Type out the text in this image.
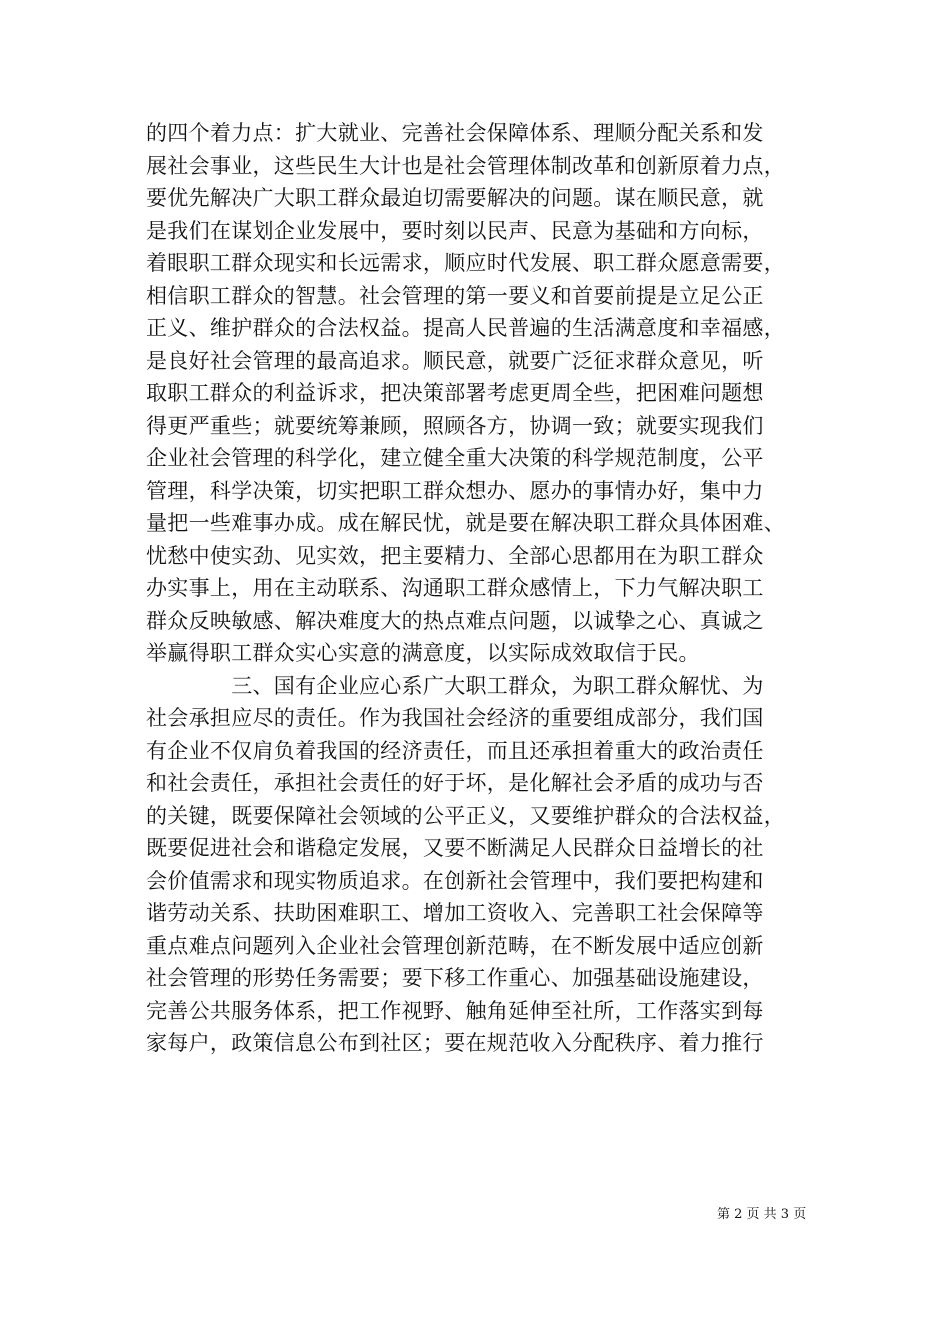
的四个着力点：扩大就业、完善社会保障体系、理顺分配关系和发
展社会事业，这些民生大计也是社会管理体制改革和创新原着力点，
要优先解决广大职工群众最迫切需要解决的问题。谋在顺民意，就
是我们在谋划企业发展中，要时刻以民声、民意为基础和方向标，
着眼职工群众现实和长远需求，顺应时代发展、职工群众愿意需要，
相信职工群众的智慧。社会管理的第一要义和首要前提是立足公正
正义、维护群众的合法权益。提高人民普遍的生活满意度和幸福感，
是良好社会管理的最高追求。顺民意，就要广泛征求群众意见，听
取职工群众的利益诉求，把决策部署考虑更周全些，把困难问题想
得更严重些；就要统筹兼顾，照顾各方，协调一致；就要实现我们
企业社会管理的科学化，建立健全重大决策的科学规范制度，公平
管理，科学决策，切实把职工群众想办、愿办的事情办好，集中力
量把一些难事办成。成在解民忧，就是要在解决职工群众具体困难、
忧愁中使实劲、见实效，把主要精力、全部心思都用在为职工群众
办实事上，用在主动联系、沟通职工群众感情上，下力气解决职工
群众反映敏感、解决难度大的热点难点问题，以诚挚之心、真诚之
举赢得职工群众实心实意的满意度，以实际成效取信于民。
　　　　三、国有企业应心系广大职工群众，为职工群众解忧、为
社会承担应尽的责任。作为我国社会经济的重要组成部分，我们国
有企业不仅肩负着我国的经济责任，而且还承担着重大的政治责任
和社会责任，承担社会责任的好于坏，是化解社会矛盾的成功与否
的关键，既要保障社会领域的公平正义，又要维护群众的合法权益，
既要促进社会和谐稳定发展，又要不断满足人民群众日益增长的社
会价值需求和现实物质追求。在创新社会管理中，我们要把构建和
谐劳动关系、扶助困难职工、增加工资收入、完善职工社会保障等
重点难点问题列入企业社会管理创新范畴，在不断发展中适应创新
社会管理的形势任务需要；要下移工作重心、加强基础设施建设，
完善公共服务体系，把工作视野、触角延伸至社所，工作落实到每
家每户，政策信息公布到社区；要在规范收入分配秩序、着力推行
第 2 页 共 3 页
